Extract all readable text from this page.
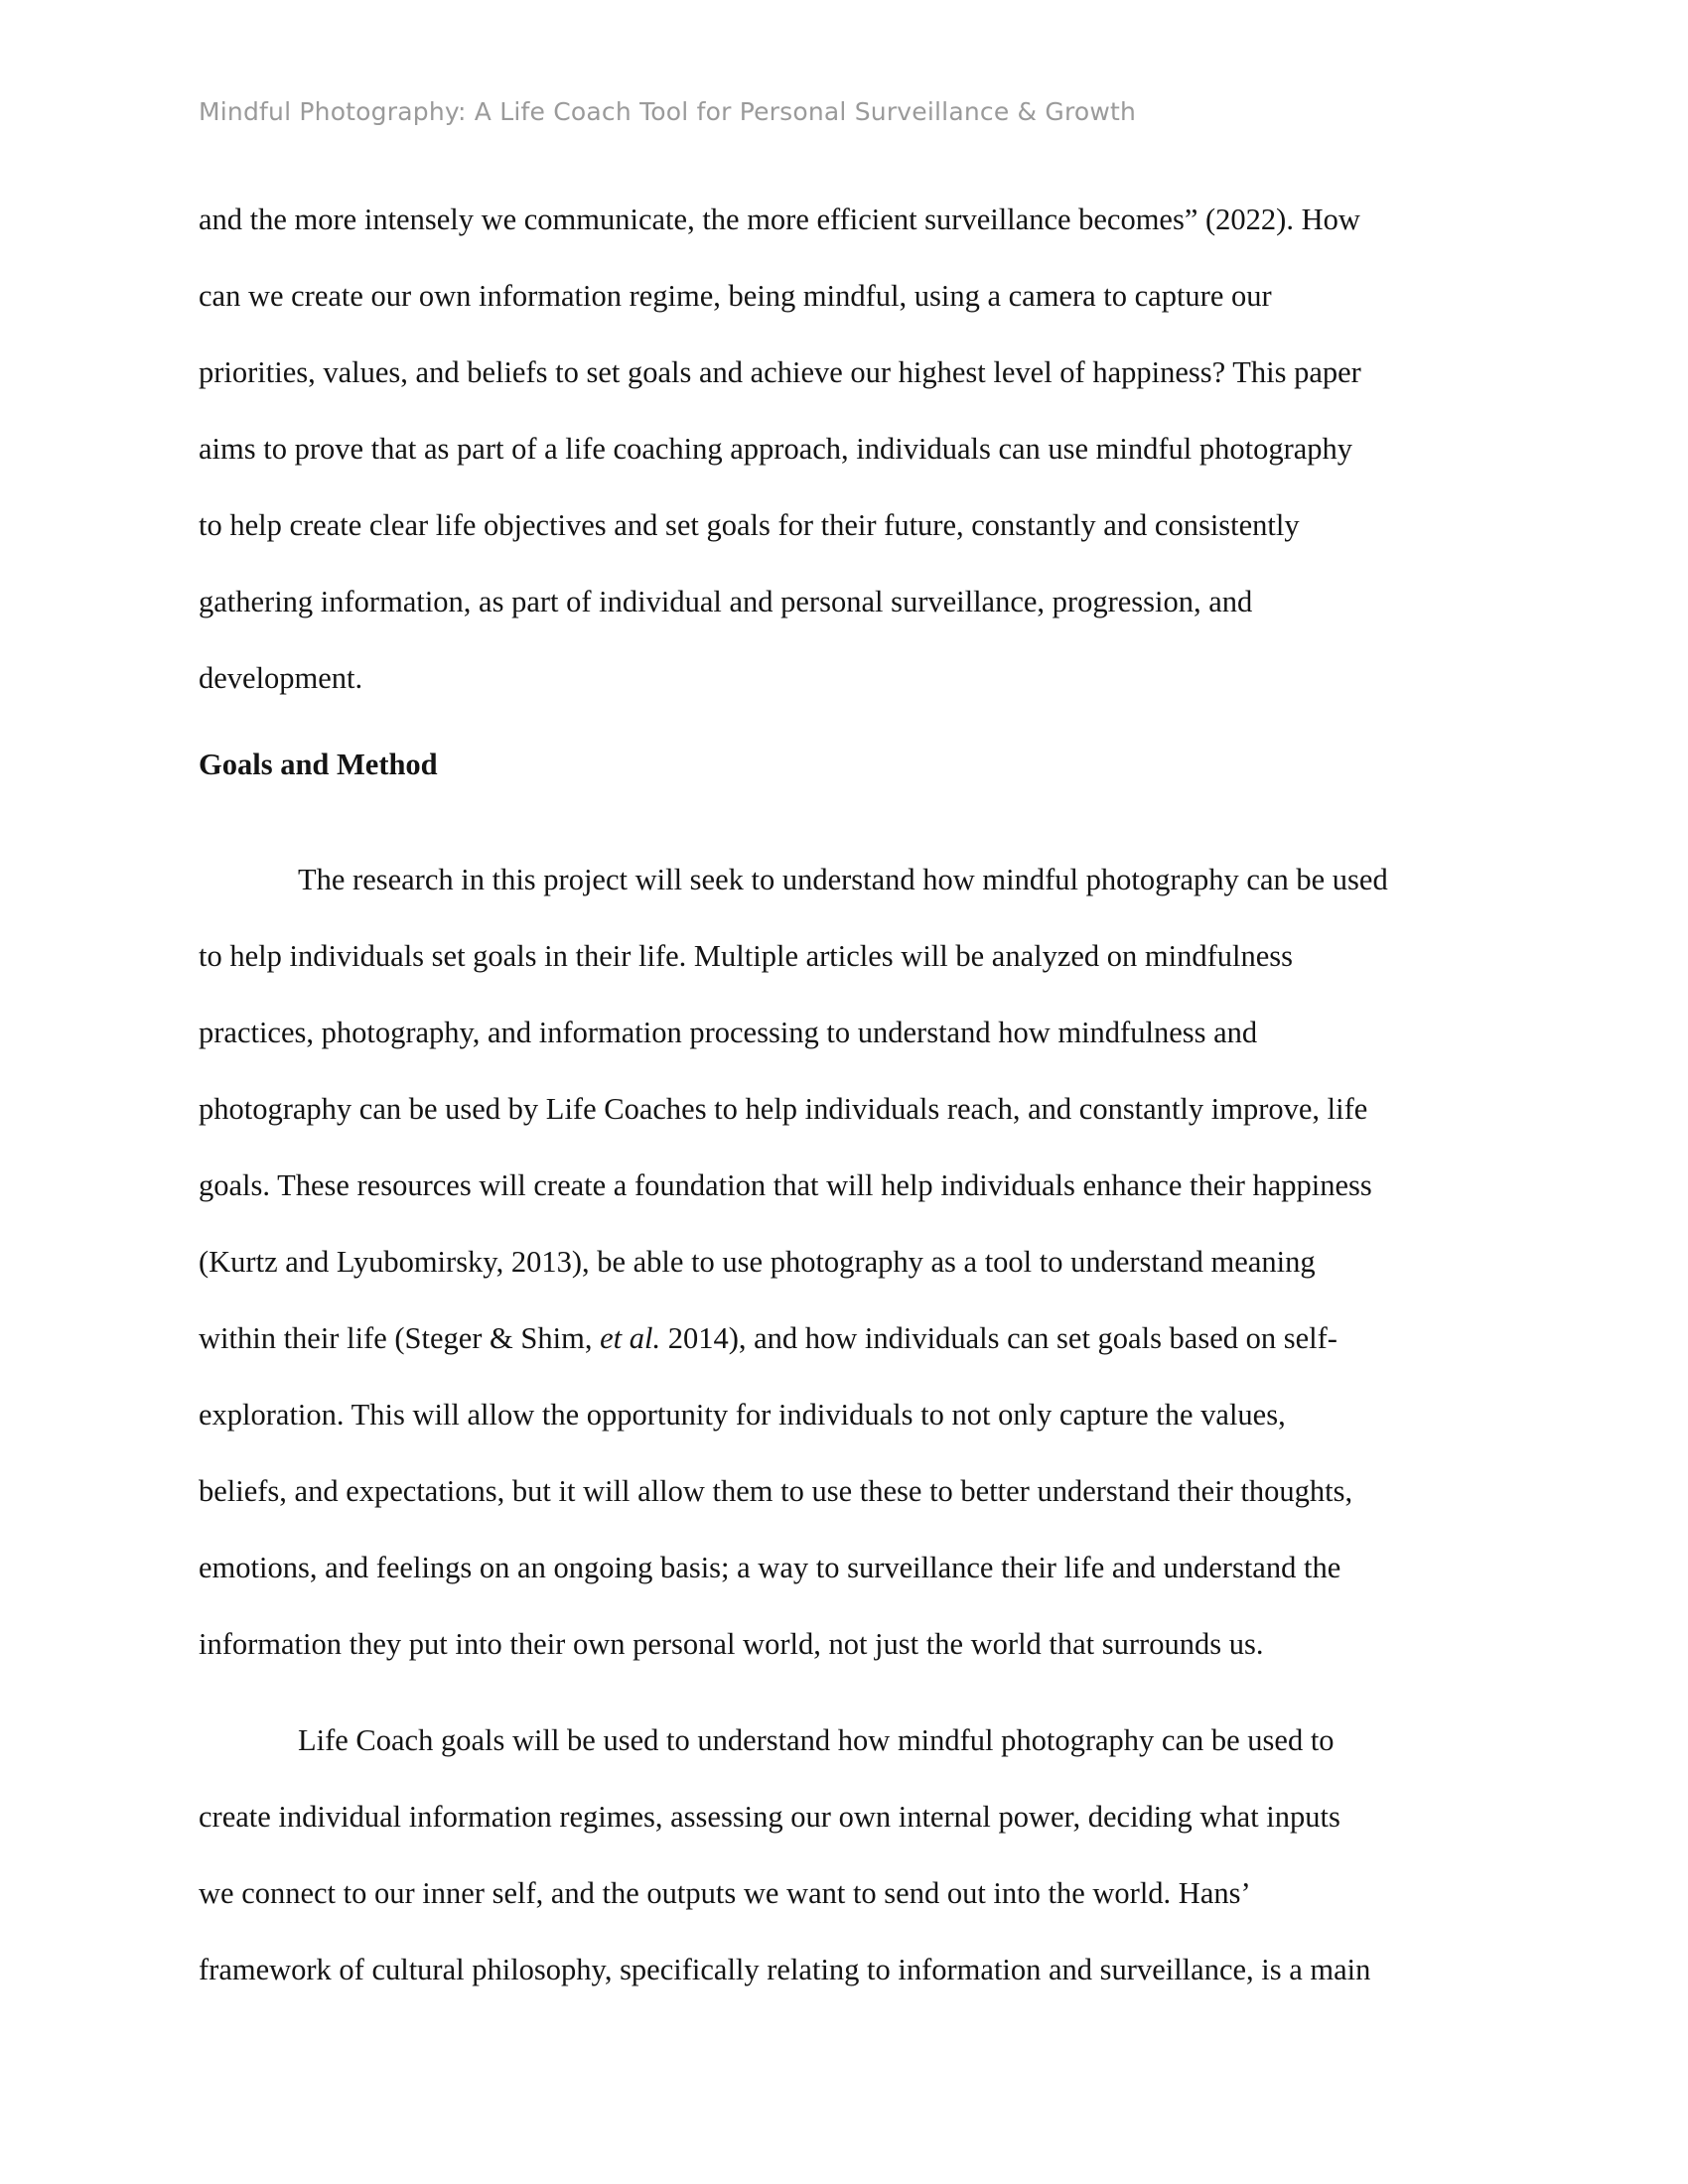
Mindful Photography: A Life Coach Tool for Personal Surveillance & Growth

and the more intensely we communicate, the more efficient surveillance becomes” (2022). How
can we create our own information regime, being mindful, using a camera to capture our
priorities, values, and beliefs to set goals and achieve our highest level of happiness? This paper
aims to prove that as part of a life coaching approach, individuals can use mindful photography
to help create clear life objectives and set goals for their future, constantly and consistently
gathering information, as part of individual and personal surveillance, progression, and
development.

Goals and Method

The research in this project will seek to understand how mindful photography can be used
to help individuals set goals in their life. Multiple articles will be analyzed on mindfulness
practices, photography, and information processing to understand how mindfulness and
photography can be used by Life Coaches to help individuals reach, and constantly improve, life
goals. These resources will create a foundation that will help individuals enhance their happiness
(Kurtz and Lyubomirsky, 2013), be able to use photography as a tool to understand meaning
within their life (Steger & Shim, et al. 2014), and how individuals can set goals based on self-
exploration. This will allow the opportunity for individuals to not only capture the values,
beliefs, and expectations, but it will allow them to use these to better understand their thoughts,
emotions, and feelings on an ongoing basis; a way to surveillance their life and understand the
information they put into their own personal world, not just the world that surrounds us.

Life Coach goals will be used to understand how mindful photography can be used to
create individual information regimes, assessing our own internal power, deciding what inputs
we connect to our inner self, and the outputs we want to send out into the world. Hans’
framework of cultural philosophy, specifically relating to information and surveillance, is a main
